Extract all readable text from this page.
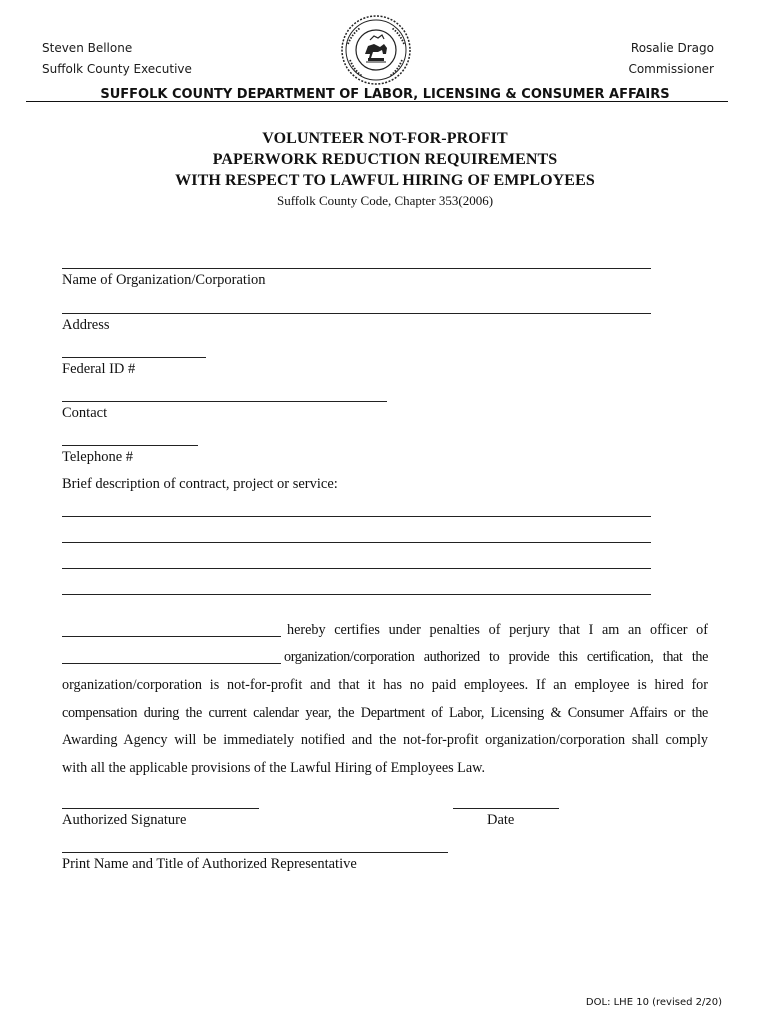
Steven Bellone
Suffolk County Executive
Rosalie Drago
Commissioner
SUFFOLK COUNTY DEPARTMENT OF LABOR, LICENSING & CONSUMER AFFAIRS
VOLUNTEER NOT-FOR-PROFIT
PAPERWORK REDUCTION REQUIREMENTS
WITH RESPECT TO LAWFUL HIRING OF EMPLOYEES
Suffolk County Code, Chapter 353(2006)
Name of Organization/Corporation
Address
Federal ID #
Contact
Telephone #
Brief description of contract, project or service:
hereby certifies under penalties of perjury that I am an officer of
organization/corporation authorized to provide this certification, that the
organization/corporation is not-for-profit and that it has no paid employees. If an employee is hired for
compensation during the current calendar year, the Department of Labor, Licensing & Consumer Affairs or the
Awarding Agency will be immediately notified and the not-for-profit organization/corporation shall comply
with all the applicable provisions of the Lawful Hiring of Employees Law.
Authorized Signature	Date
Print Name and Title of Authorized Representative
DOL: LHE 10 (revised 2/20)
